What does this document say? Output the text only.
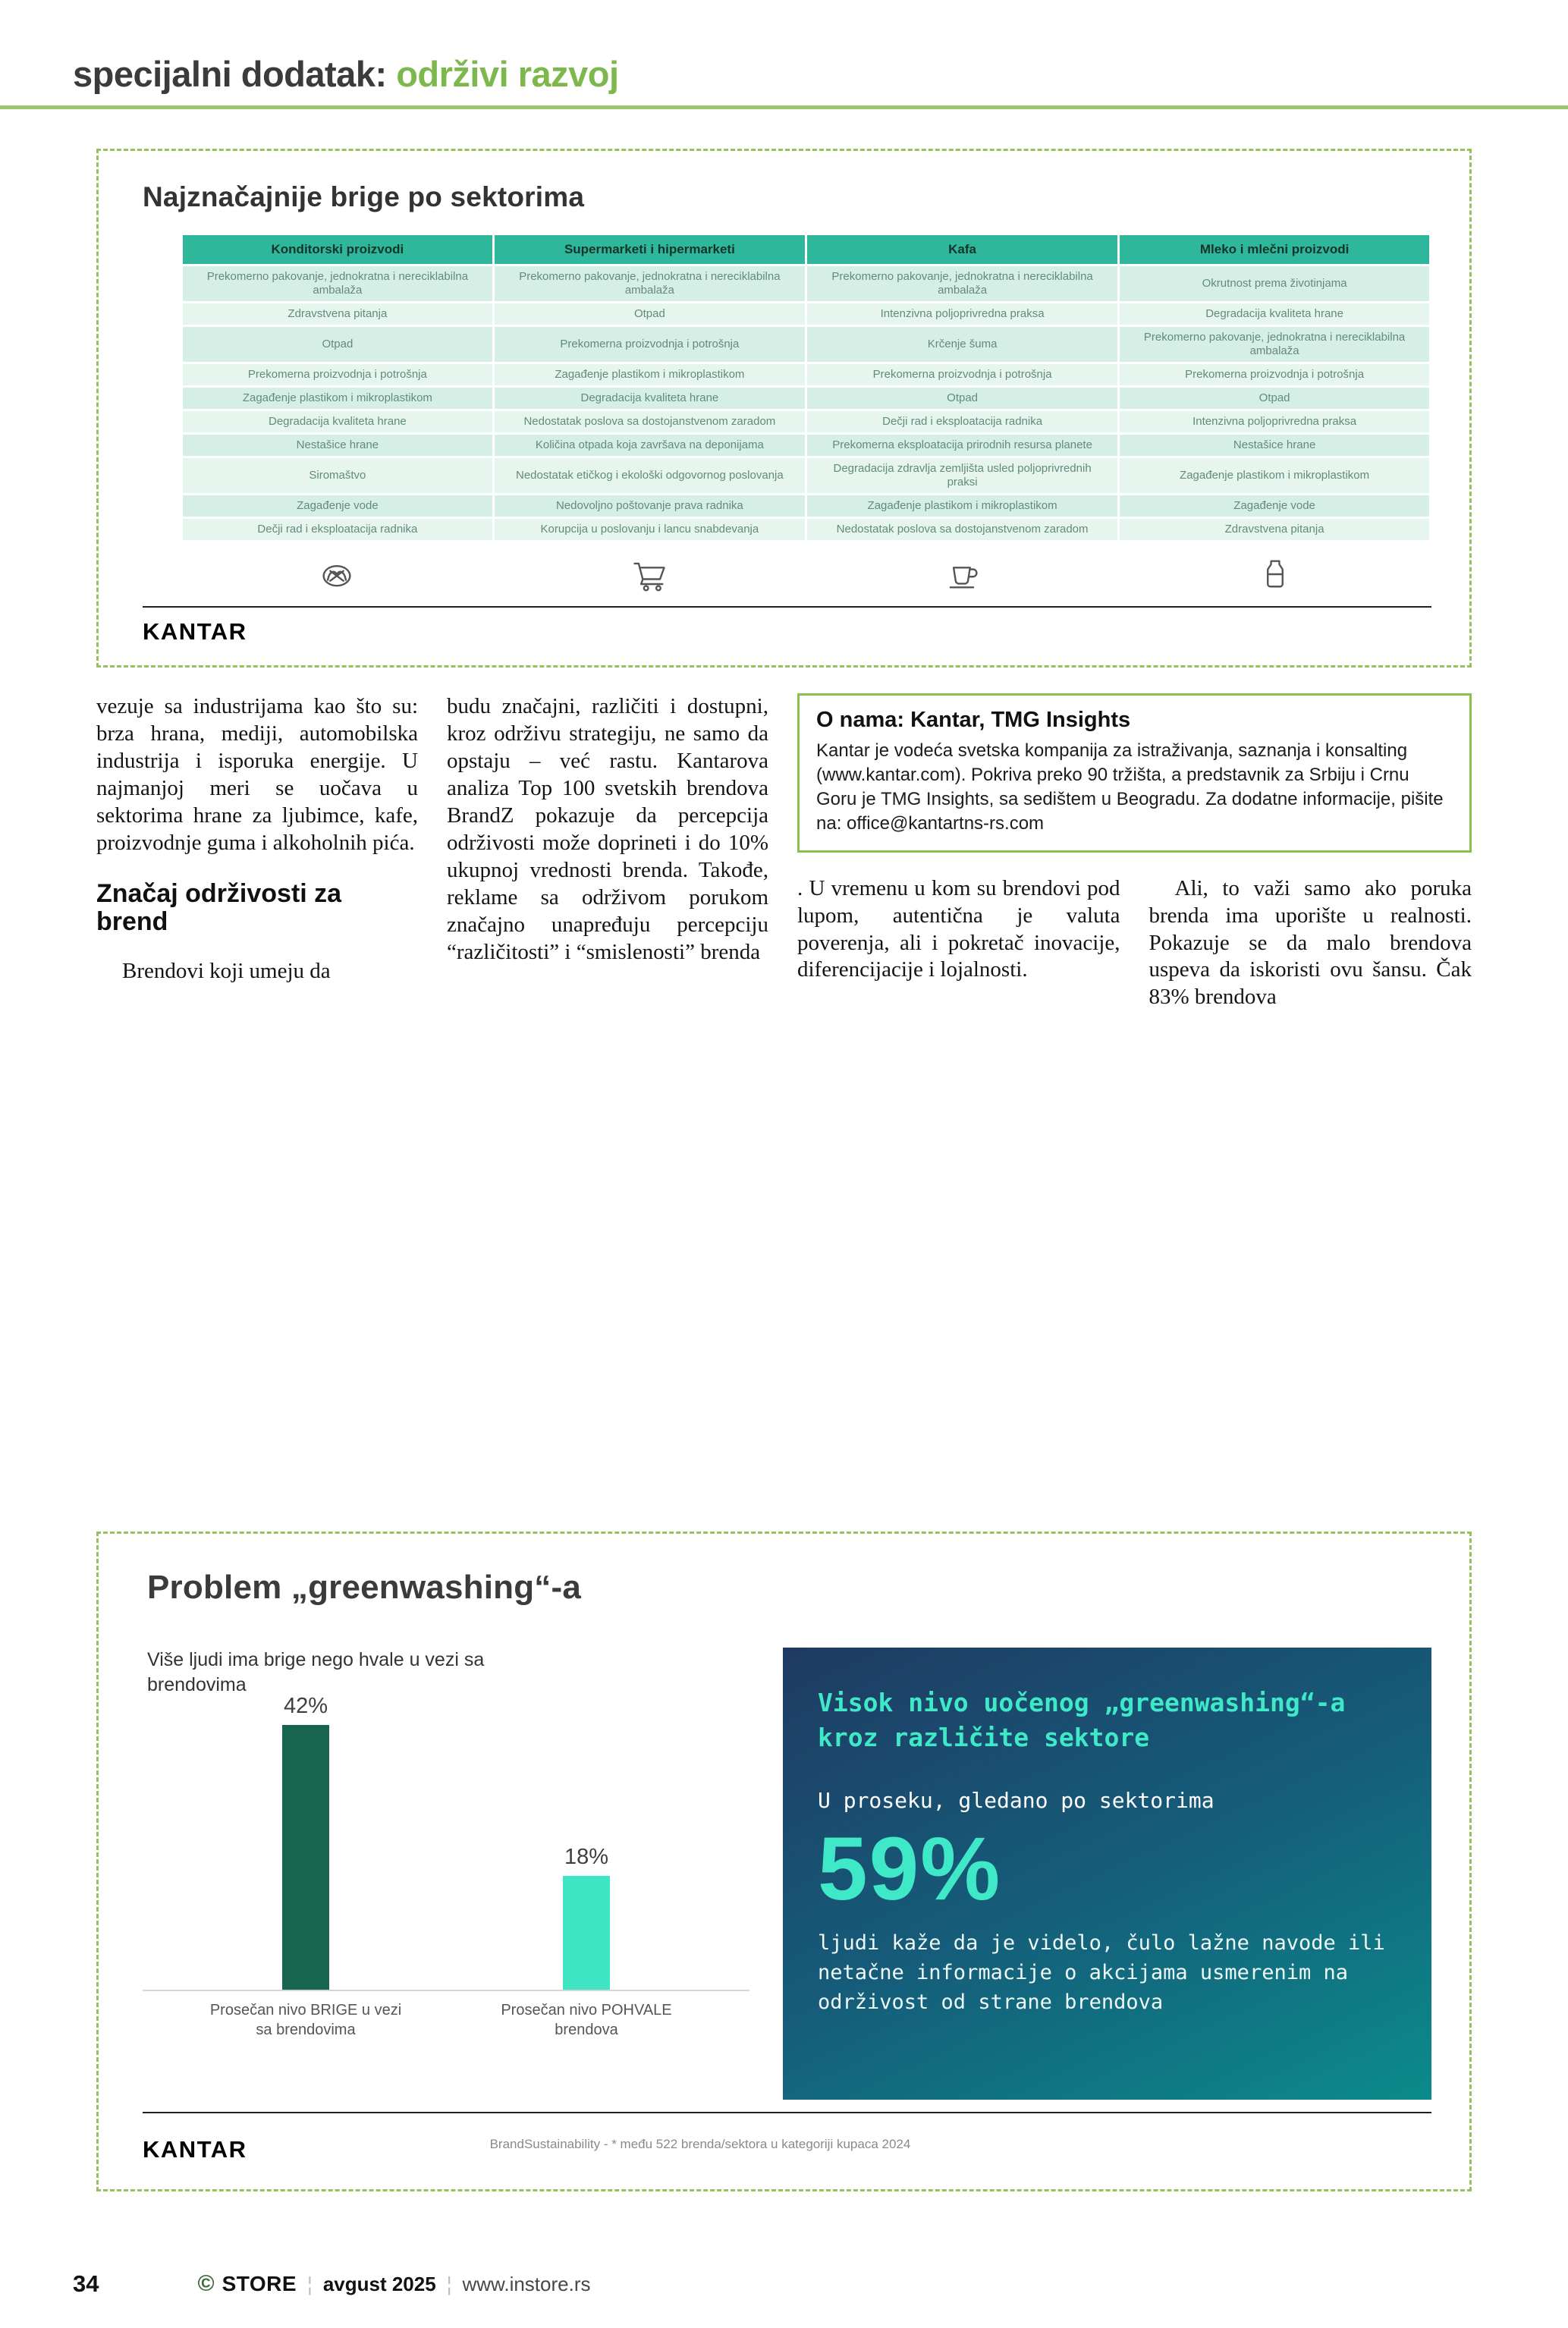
specijalni dodatak: održivi razvoj
Najznačajnije brige po sektorima
Konditorski proizvodi	Supermarketi i hipermarketi	Kafa	Mleko i mlečni proizvodi
Prekomerno pakovanje, jednokratna i nereciklabilna ambalaža	Prekomerno pakovanje, jednokratna i nereciklabilna ambalaža	Prekomerno pakovanje, jednokratna i nereciklabilna ambalaža	Okrutnost prema životinjama
Zdravstvena pitanja	Otpad	Intenzivna poljoprivredna praksa	Degradacija kvaliteta hrane
Otpad	Prekomerna proizvodnja i potrošnja	Krčenje šuma	Prekomerno pakovanje, jednokratna i nereciklabilna ambalaža
Prekomerna proizvodnja i potrošnja	Zagađenje plastikom i mikroplastikom	Prekomerna proizvodnja i potrošnja	Prekomerna proizvodnja i potrošnja
Zagađenje plastikom i mikroplastikom	Degradacija kvaliteta hrane	Otpad	Otpad
Degradacija kvaliteta hrane	Nedostatak poslova sa dostojanstvenom zaradom	Dečji rad i eksploatacija radnika	Intenzivna poljoprivredna praksa
Nestašice hrane	Količina otpada koja završava na deponijama	Prekomerna eksploatacija prirodnih resursa planete	Nestašice hrane
Siromaštvo	Nedostatak etičkog i ekološki odgovornog poslovanja	Degradacija zdravlja zemljišta usled poljoprivrednih praksi	Zagađenje plastikom i mikroplastikom
Zagađenje vode	Nedovoljno poštovanje prava radnika	Zagađenje plastikom i mikroplastikom	Zagađenje vode
Dečji rad i eksploatacija radnika	Korupcija u poslovanju i lancu snabdevanja	Nedostatak poslova sa dostojanstvenom zaradom	Zdravstvena pitanja
KANTAR

vezuje sa industrijama kao što su: brza hrana, mediji, automobilska industrija i isporuka energije. U najmanjoj meri se uočava u sektorima hrane za ljubimce, kafe, proizvodnje guma i alkoholnih pića.

Značaj održivosti za brend

Brendovi koji umeju da

budu značajni, različiti i dostupni, kroz održivu strategiju, ne samo da opstaju – već rastu. Kantarova analiza Top 100 svetskih brendova BrandZ pokazuje da percepcija održivosti može doprineti i do 10% ukupnoj vrednosti brenda. Takođe, reklame sa održivom porukom značajno unapređuju percepciju “različitosti” i “smislenosti” brenda

O nama: Kantar, TMG Insights

Kantar je vodeća svetska kompanija za istraživanja, saznanja i konsalting (www.kantar.com). Pokriva preko 90 tržišta, a predstavnik za Srbiju i Crnu Goru je TMG Insights, sa sedištem u Beogradu. Za dodatne informacije, pišite na: office@kantartns-rs.com

. U vremenu u kom su brendovi pod lupom, autentična je valuta poverenja, ali i pokretač inovacije, diferencijacije i lojalnosti.

Ali, to važi samo ako poruka brenda ima uporište u realnosti. Pokazuje se da malo brendova uspeva da iskoristi ovu šansu. Čak 83% brendova

Problem „greenwashing“-a
Više ljudi ima brige nego hvale u vezi sa brendovima
42%
18%
Prosečan nivo BRIGE u vezi sa brendovima
Prosečan nivo POHVALE brendova
Visok nivo uočenog „greenwashing“-a kroz različite sektore
U proseku, gledano po sektorima
59%
ljudi kaže da je videlo, čulo lažne navode ili netačne informacije o akcijama usmerenim na održivost od strane brendova
KANTAR	BrandSustainability - * među 522 brenda/sektora u kategoriji kupaca 2024
34	© STORE ¦ avgust 2025 ¦ www.instore.rs
